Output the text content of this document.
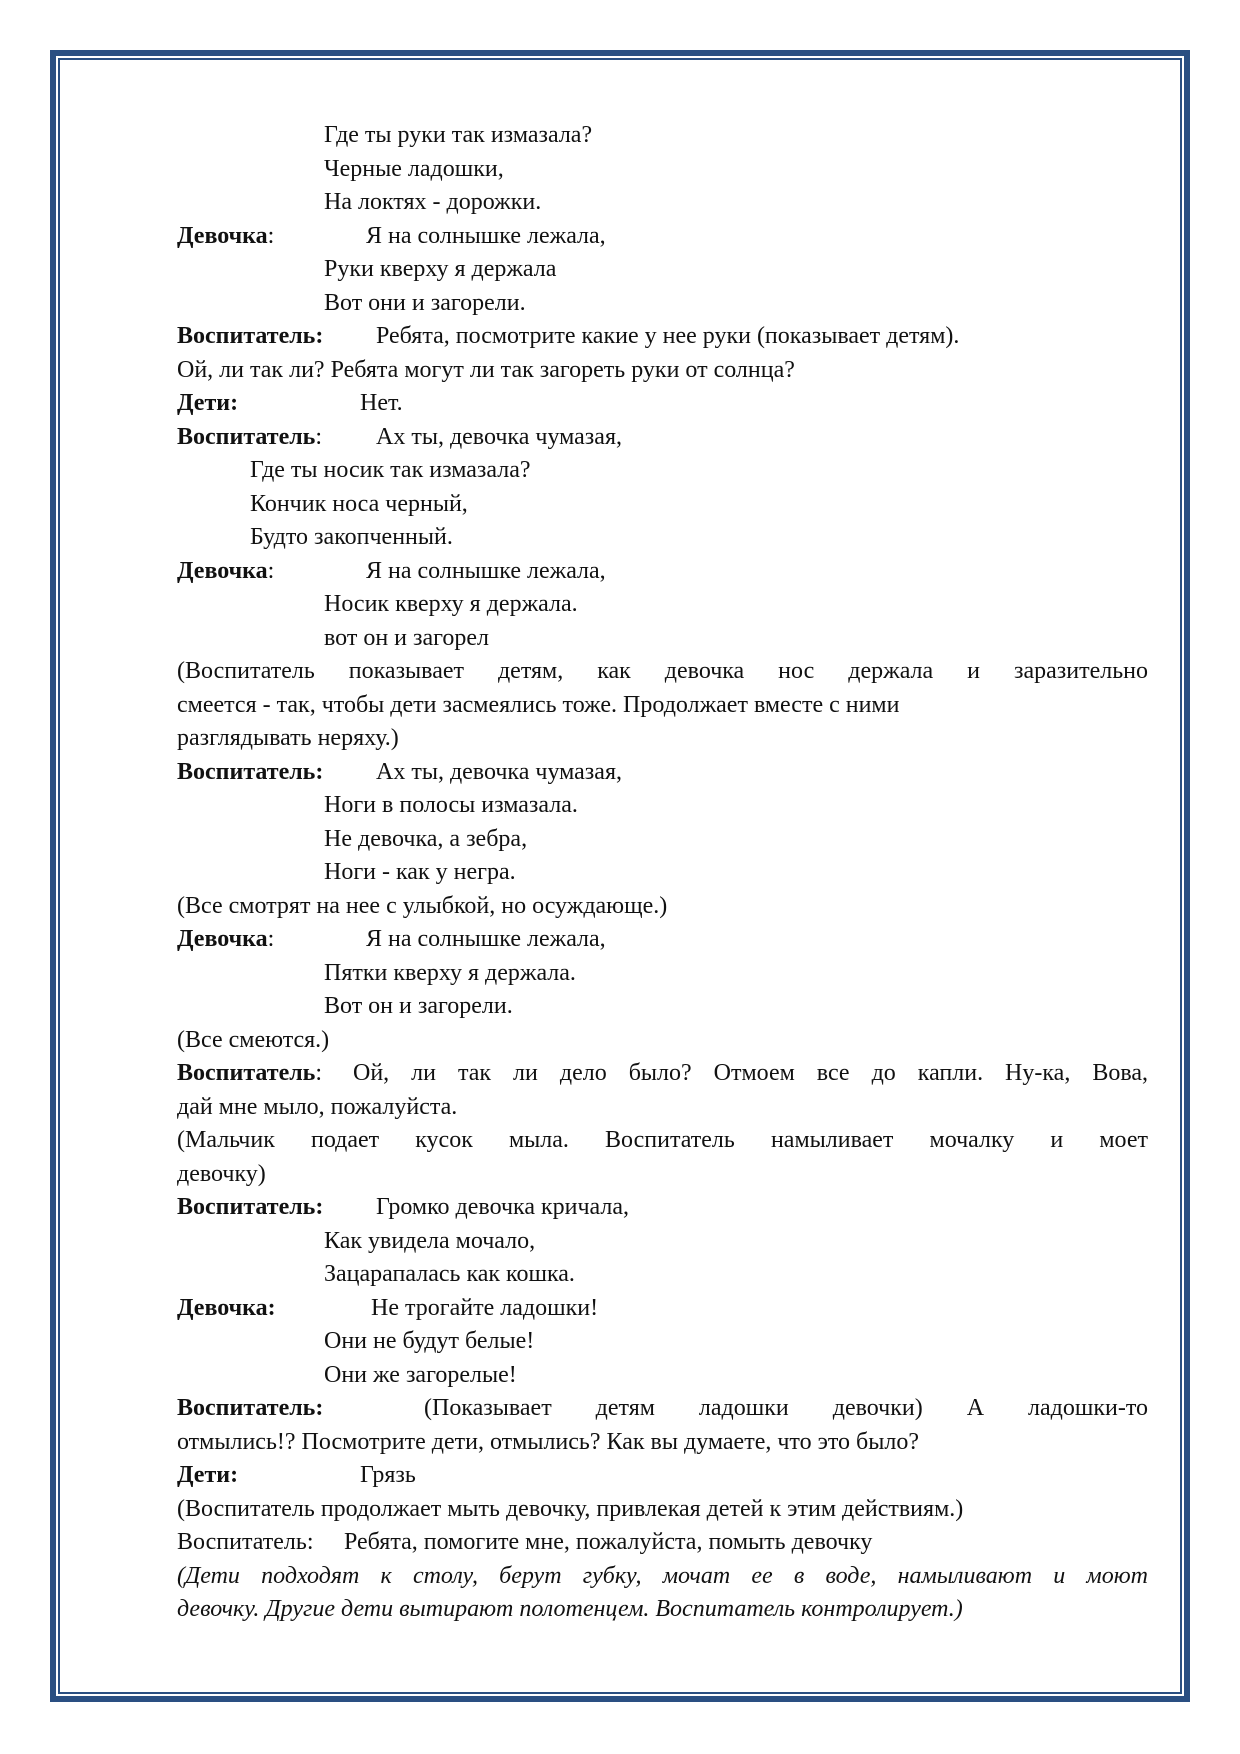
Где ты руки так измазала?
Черные ладошки,
На локтях - дорожки.
Девочка:	Я на солнышке лежала,
Руки кверху я держала
Вот они и загорели.
Воспитатель:	Ребята, посмотрите какие у нее руки (показывает детям).
Ой, ли так ли? Ребята могут ли так загореть руки от солнца?
Дети:	Нет.
Воспитатель:	Ах ты, девочка чумазая,
Где ты носик так измазала?
Кончик носа черный,
Будто закопченный.
Девочка:	Я на солнышке лежала,
Носик кверху я держала.
вот он и загорел
(Воспитатель показывает детям, как девочка нос держала и заразительно
смеется - так, чтобы дети засмеялись тоже. Продолжает вместе с ними
разглядывать неряху.)
Воспитатель:	Ах ты, девочка чумазая,
Ноги в полосы измазала.
Не девочка, а зебра,
Ноги - как у негра.
(Все смотрят на нее с улыбкой, но осуждающе.)
Девочка:	Я на солнышке лежала,
Пятки кверху я держала.
Вот он и загорели.
(Все смеются.)
Воспитатель:	Ой, ли так ли дело было? Отмоем все до капли. Ну-ка, Вова,
дай мне мыло, пожалуйста.
(Мальчик подает кусок мыла. Воспитатель намыливает мочалку и моет
девочку)
Воспитатель:	Громко девочка кричала,
Как увидела мочало,
Зацарапалась как кошка.
Девочка:	Не трогайте ладошки!
Они не будут белые!
Они же загорелые!
Воспитатель:	(Показывает детям ладошки девочки) А ладошки-то
отмылись!? Посмотрите дети, отмылись? Как вы думаете, что это было?
Дети:	Грязь
(Воспитатель продолжает мыть девочку, привлекая детей к этим действиям.)
Воспитатель:	Ребята, помогите мне, пожалуйста, помыть девочку
(Дети подходят к столу, берут губку, мочат ее в воде, намыливают и моют
девочку. Другие дети вытирают полотенцем. Воспитатель контролирует.)
